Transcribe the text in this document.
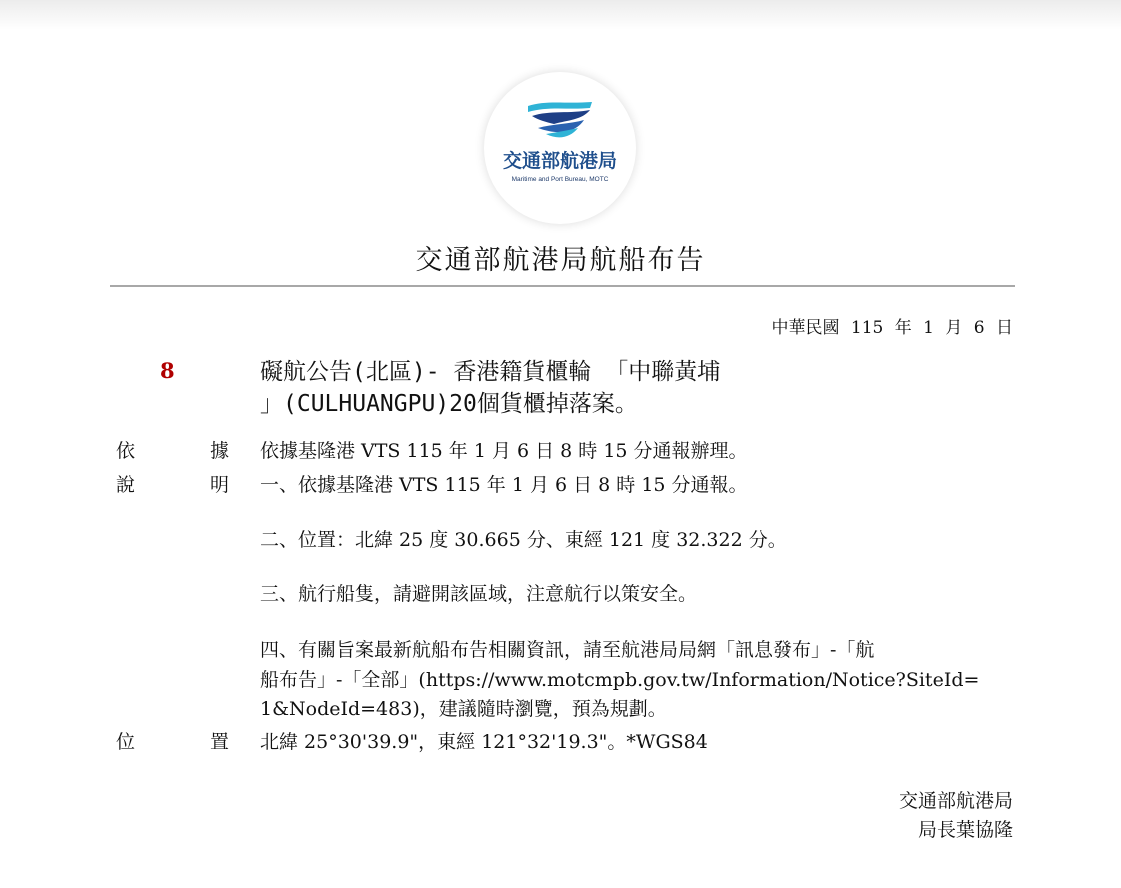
交通部航港局
Maritime and Port Bureau, MOTC
交通部航港局航船布告
中華民國 115 年 1 月 6 日
8	礙航公告(北區)- 香港籍貨櫃輪 「中聯黃埔
」(CULHUANGPU)20個貨櫃掉落案。
依	據 依據基隆港 VTS 115 年 1 月 6 日 8 時 15 分通報辦理。
說	明 一、依據基隆港 VTS 115 年 1 月 6 日 8 時 15 分通報。
二、位置：北緯 25 度 30.665 分、東經 121 度 32.322 分。
三、航行船隻，請避開該區域，注意航行以策安全。
四、有關旨案最新航船布告相關資訊，請至航港局局網「訊息發布」-「航
船布告」-「全部」(https://www.motcmpb.gov.tw/Information/Notice?SiteId=
1&NodeId=483)，建議隨時瀏覽，預為規劃。
位	置 北緯 25°30'39.9"，東經 121°32'19.3"。*WGS84
交通部航港局
局長葉協隆
